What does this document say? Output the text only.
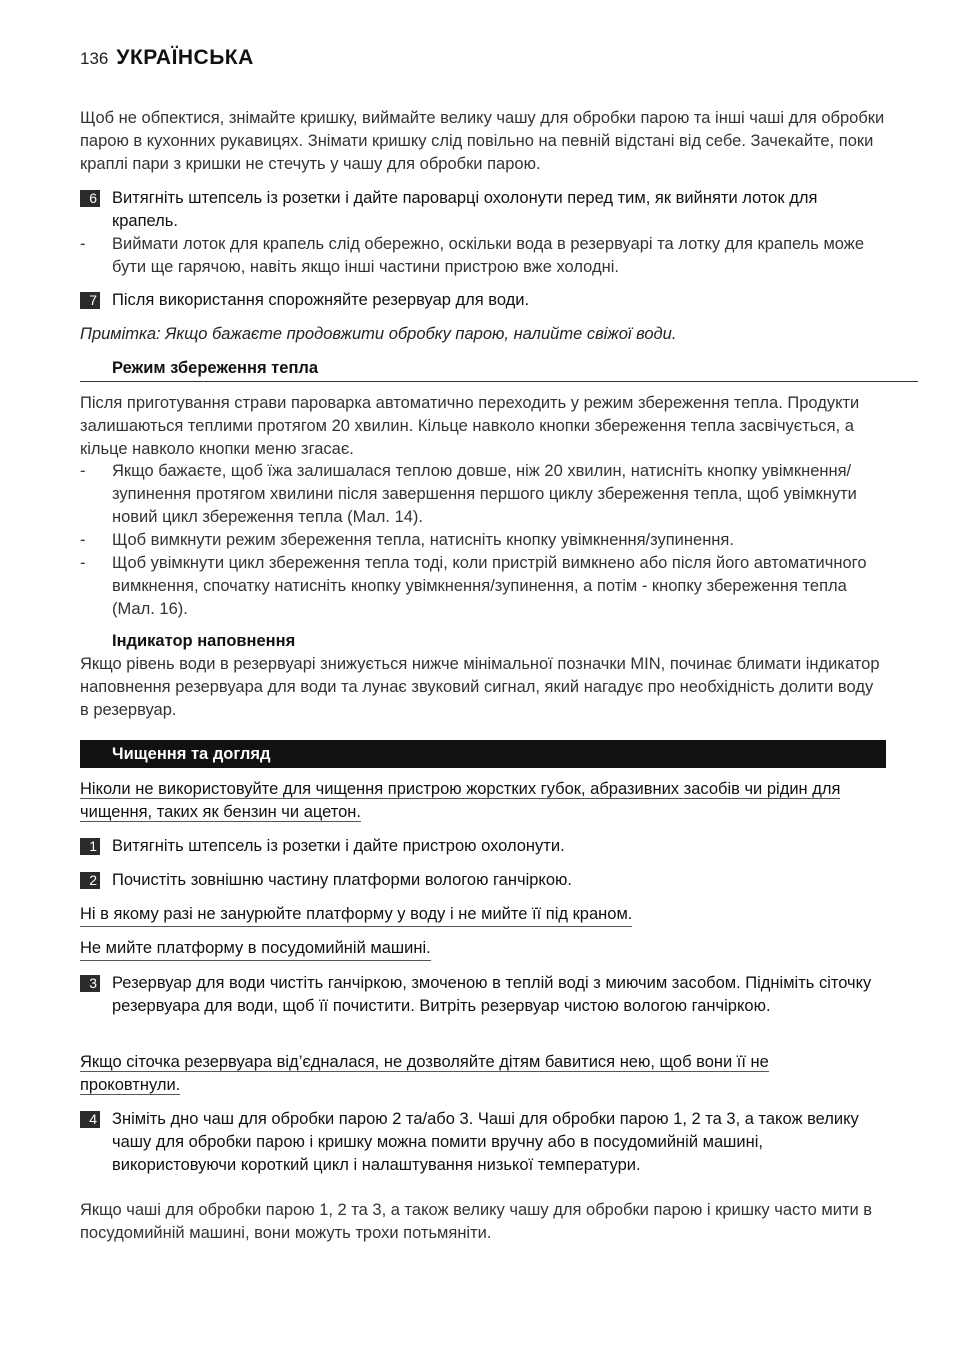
136 УКРАЇНСЬКА
Щоб не обпектися, знімайте кришку, виймайте велику чашу для обробки парою та інші чаші для обробки парою в кухонних рукавицях. Знімати кришку слід повільно на певній відстані від себе. Зачекайте, поки краплі пари з кришки не стечуть у чашу для обробки парою.
6 Витягніть штепсель із розетки і дайте пароварці охолонути перед тим, як вийняти лоток для крапель.
-	Виймати лоток для крапель слід обережно, оскільки вода в резервуарі та лотку для крапель може бути ще гарячою, навіть якщо інші частини пристрою вже холодні.
7 Після використання спорожняйте резервуар для води.
Примітка: Якщо бажаєте продовжити обробку парою, налийте свіжої води.
Режим збереження тепла
Після приготування страви пароварка автоматично переходить у режим збереження тепла. Продукти залишаються теплими протягом 20 хвилин. Кільце навколо кнопки збереження тепла засвічується, а кільце навколо кнопки меню згасає.
-	Якщо бажаєте, щоб їжа залишалася теплою довше, ніж 20 хвилин, натисніть кнопку увімкнення/зупинення протягом хвилини після завершення першого циклу збереження тепла, щоб увімкнути новий цикл збереження тепла (Мал. 14).
-	Щоб вимкнути режим збереження тепла, натисніть кнопку увімкнення/зупинення.
-	Щоб увімкнути цикл збереження тепла тоді, коли пристрій вимкнено або після його автоматичного вимкнення, спочатку натисніть кнопку увімкнення/зупинення, а потім - кнопку збереження тепла (Мал. 16).
Індикатор наповнення
Якщо рівень води в резервуарі знижується нижче мінімальної позначки MIN, починає блимати індикатор наповнення резервуара для води та лунає звуковий сигнал, який нагадує про необхідність долити воду в резервуар.
Чищення та догляд
Ніколи не використовуйте для чищення пристрою жорстких губок, абразивних засобів чи рідин для чищення, таких як бензин чи ацетон.
1 Витягніть штепсель із розетки і дайте пристрою охолонути.
2 Почистіть зовнішню частину платформи вологою ганчіркою.
Ні в якому разі не занурюйте платформу у воду і не мийте її під краном.
Не мийте платформу в посудомийній машині.
3 Резервуар для води чистіть ганчіркою, змоченою в теплій воді з миючим засобом. Підніміть сіточку резервуара для води, щоб її почистити. Витріть резервуар чистою вологою ганчіркою.
Якщо сіточка резервуара від’єдналася, не дозволяйте дітям бавитися нею, щоб вони її не проковтнули.
4 Зніміть дно чаш для обробки парою 2 та/або 3. Чаші для обробки парою 1, 2 та 3, а також велику чашу для обробки парою і кришку можна помити вручну або в посудомийній машині, використовуючи короткий цикл і налаштування низької температури.
Якщо чаші для обробки парою 1, 2 та 3, а також велику чашу для обробки парою і кришку часто мити в посудомийній машині, вони можуть трохи потьмяніти.
